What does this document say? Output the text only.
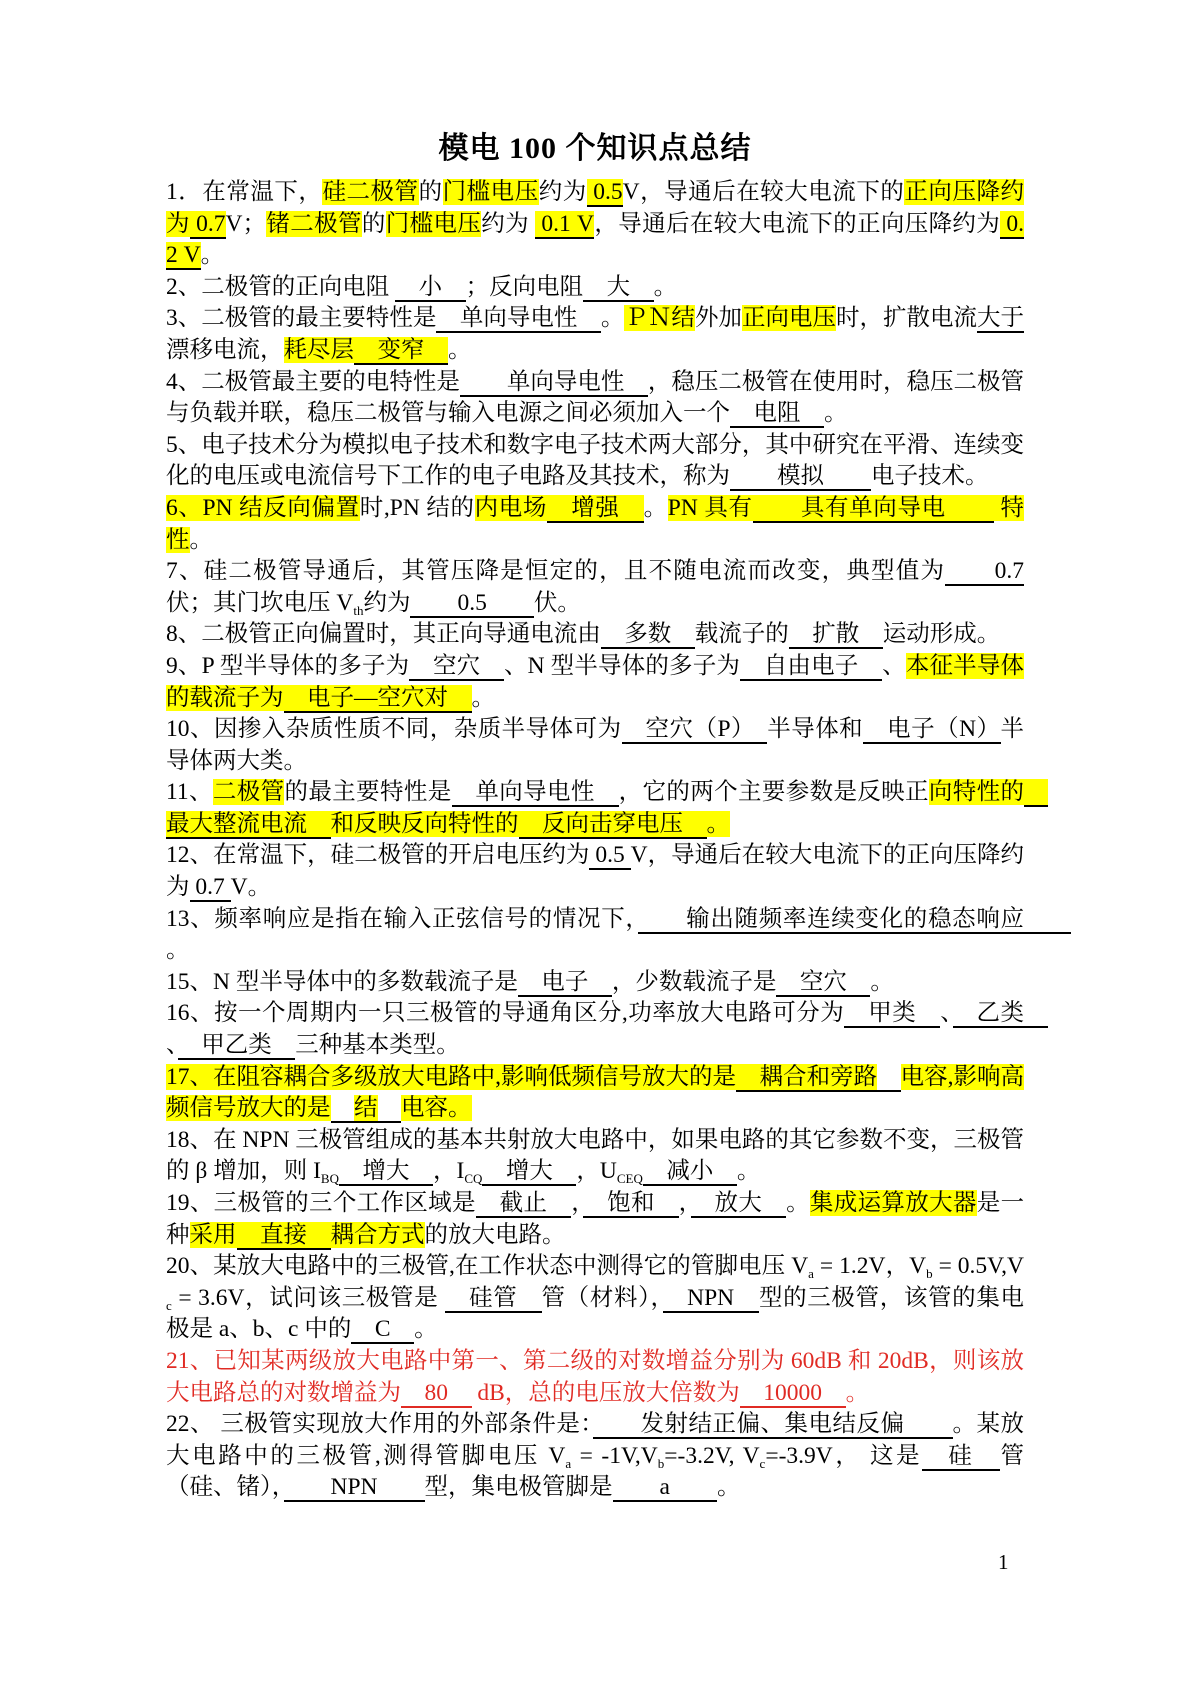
模电 100 个知识点总结
1．在常温下，硅二极管的门槛电压约为 0.5V，导通后在较大电流下的正向压降约为 0.7V；锗二极管的门槛电压约为  0.1 V，导通后在较大电流下的正向压降约为 0.2 V。
2、二极管的正向电阻 　小　；反向电阻　大　。
3、二极管的最主要特性是　单向导电性　。ＰＮ结外加正向电压时，扩散电流大于　漂移电流，耗尽层　变窄　。
4、二极管最主要的电特性是　　单向导电性　，稳压二极管在使用时，稳压二极管与负载并联，稳压二极管与输入电源之间必须加入一个　电阻　。
5、电子技术分为模拟电子技术和数字电子技术两大部分，其中研究在平滑、连续变化的电压或电流信号下工作的电子电路及其技术，称为　　模拟　　电子技术。
6、PN 结反向偏置时,PN 结的内电场　增强　。PN 具有　　具有单向导电　　 特性。
7、硅二极管导通后，其管压降是恒定的，且不随电流而改变，典型值为　　0.7伏；其门坎电压 $V_{th}$约为　　0.5　　伏。
8、二极管正向偏置时，其正向导通电流由　多数　载流子的　扩散　运动形成。
9、P 型半导体的多子为　空穴　、N 型半导体的多子为　自由电子　、本征半导体的载流子为　电子—空穴对　。
10、因掺入杂质性质不同，杂质半导体可为　空穴（P）　半导体和　电子（N）半导体两大类。
11、二极管的最主要特性是　单向导电性　，它的两个主要参数是反映正向特性的　最大整流电流　和反映反向特性的　反向击穿电压　。
12、在常温下，硅二极管的开启电压约为 0.5 V，导通后在较大电流下的正向压降约为 0.7 V。
13、频率响应是指在输入正弦信号的情况下，　　输出随频率连续变化的稳态响应　　。
15、N 型半导体中的多数载流子是　电子　，少数载流子是　空穴　。
16、按一个周期内一只三极管的导通角区分,功率放大电路可分为　甲类　、　乙类　、　甲乙类　三种基本类型。
17、在阻容耦合多级放大电路中,影响低频信号放大的是　耦合和旁路　 电容,影响高频信号放大的是　 结　 电容。
18、在 NPN 三极管组成的基本共射放大电路中，如果电路的其它参数不变，三极管的 β 增加，则 $I_{BQ}$　增大　，$I_{CQ}$　增大　，$U_{CEQ}$　减小　。
19、三极管的三个工作区域是　截止　，　饱和　，　放大　。集成运算放大器是一种采用　直接　耦合方式的放大电路。
20、某放大电路中的三极管,在工作状态中测得它的管脚电压 $V_a = 1.2V$，$V_b = 0.5V,V_c = 3.6V$，试问该三极管是 　硅管　管（材料），　NPN　型的三极管，该管的集电极是 a、b、c 中的　C　。
21、已知某两级放大电路中第一、第二级的对数增益分别为 60dB 和 20dB，则该放大电路总的对数增益为　80　 dB，总的电压放大倍数为　10000　。
22、 三极管实现放大作用的外部条件是：　　发射结正偏、集电结反偏　　。某放大电路中的三极管,测得管脚电压 $V_a = -1V,V_b=-3.2V$, $V_c=-3.9V$， 这是　硅　管（硅、锗），　　NPN　　型，集电极管脚是　　a　　。
1
